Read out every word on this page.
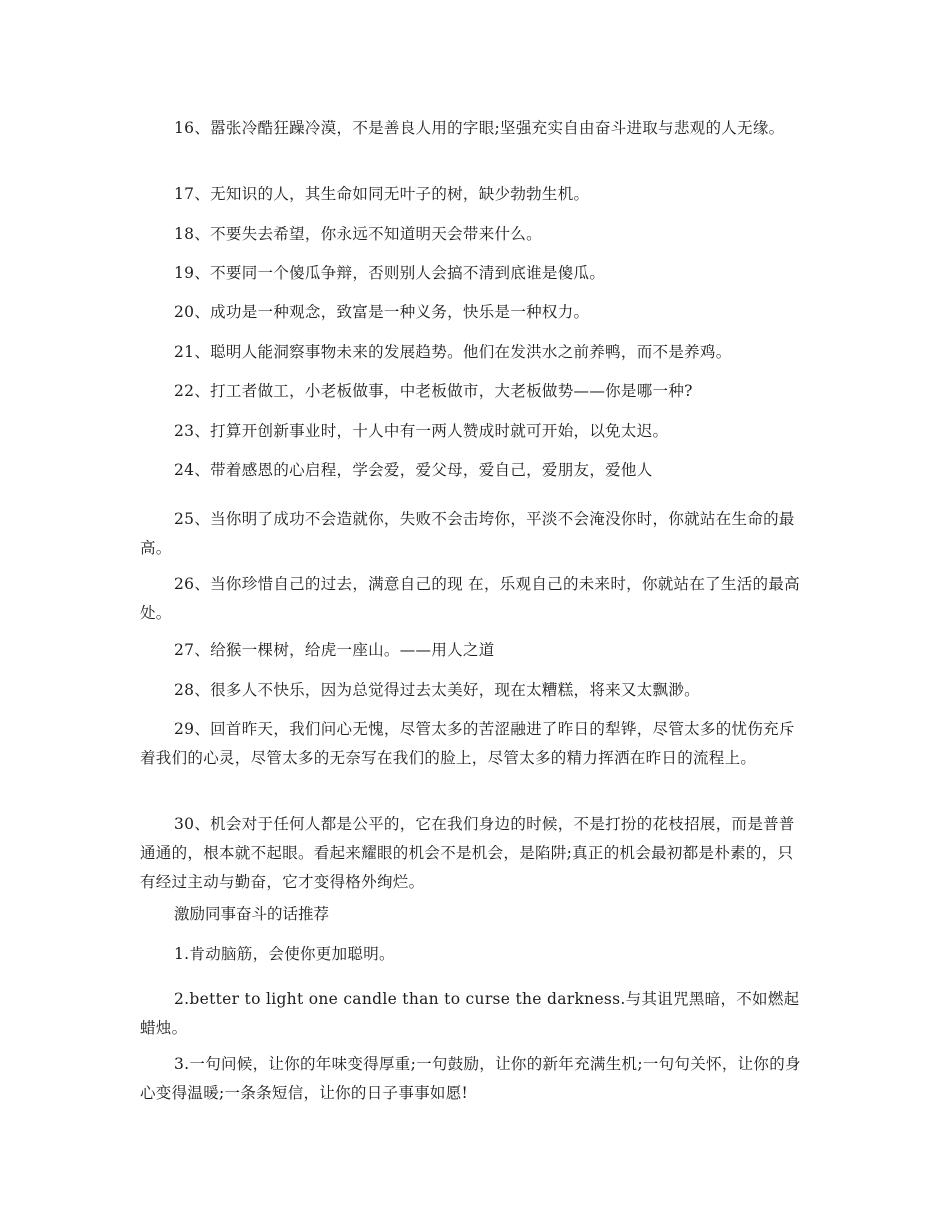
16、嚣张冷酷狂躁冷漠，不是善良人用的字眼;坚强充实自由奋斗进取与悲观的人无缘。

17、无知识的人，其生命如同无叶子的树，缺少勃勃生机。

18、不要失去希望，你永远不知道明天会带来什么。

19、不要同一个傻瓜争辩，否则别人会搞不清到底谁是傻瓜。

20、成功是一种观念，致富是一种义务，快乐是一种权力。

21、聪明人能洞察事物未来的发展趋势。他们在发洪水之前养鸭，而不是养鸡。

22、打工者做工，小老板做事，中老板做市，大老板做势——你是哪一种?

23、打算开创新事业时，十人中有一两人赞成时就可开始，以免太迟。

24、带着感恩的心启程，学会爱，爱父母，爱自己，爱朋友，爱他人

25、当你明了成功不会造就你，失败不会击垮你，平淡不会淹没你时，你就站在生命的最高。

26、当你珍惜自己的过去，满意自己的现 在，乐观自己的未来时，你就站在了生活的最高处。

27、给猴一棵树，给虎一座山。——用人之道

28、很多人不快乐，因为总觉得过去太美好，现在太糟糕，将来又太飘渺。

29、回首昨天，我们问心无愧，尽管太多的苦涩融进了昨日的犁铧，尽管太多的忧伤充斥着我们的心灵，尽管太多的无奈写在我们的脸上，尽管太多的精力挥洒在昨日的流程上。

30、机会对于任何人都是公平的，它在我们身边的时候，不是打扮的花枝招展，而是普普通通的，根本就不起眼。看起来耀眼的机会不是机会，是陷阱;真正的机会最初都是朴素的，只有经过主动与勤奋，它才变得格外绚烂。

激励同事奋斗的话推荐

1.肯动脑筋，会使你更加聪明。

2.better to light one candle than to curse the darkness.与其诅咒黑暗，不如燃起蜡烛。

3.一句问候，让你的年味变得厚重;一句鼓励，让你的新年充满生机;一句句关怀，让你的身心变得温暖;一条条短信，让你的日子事事如愿!
